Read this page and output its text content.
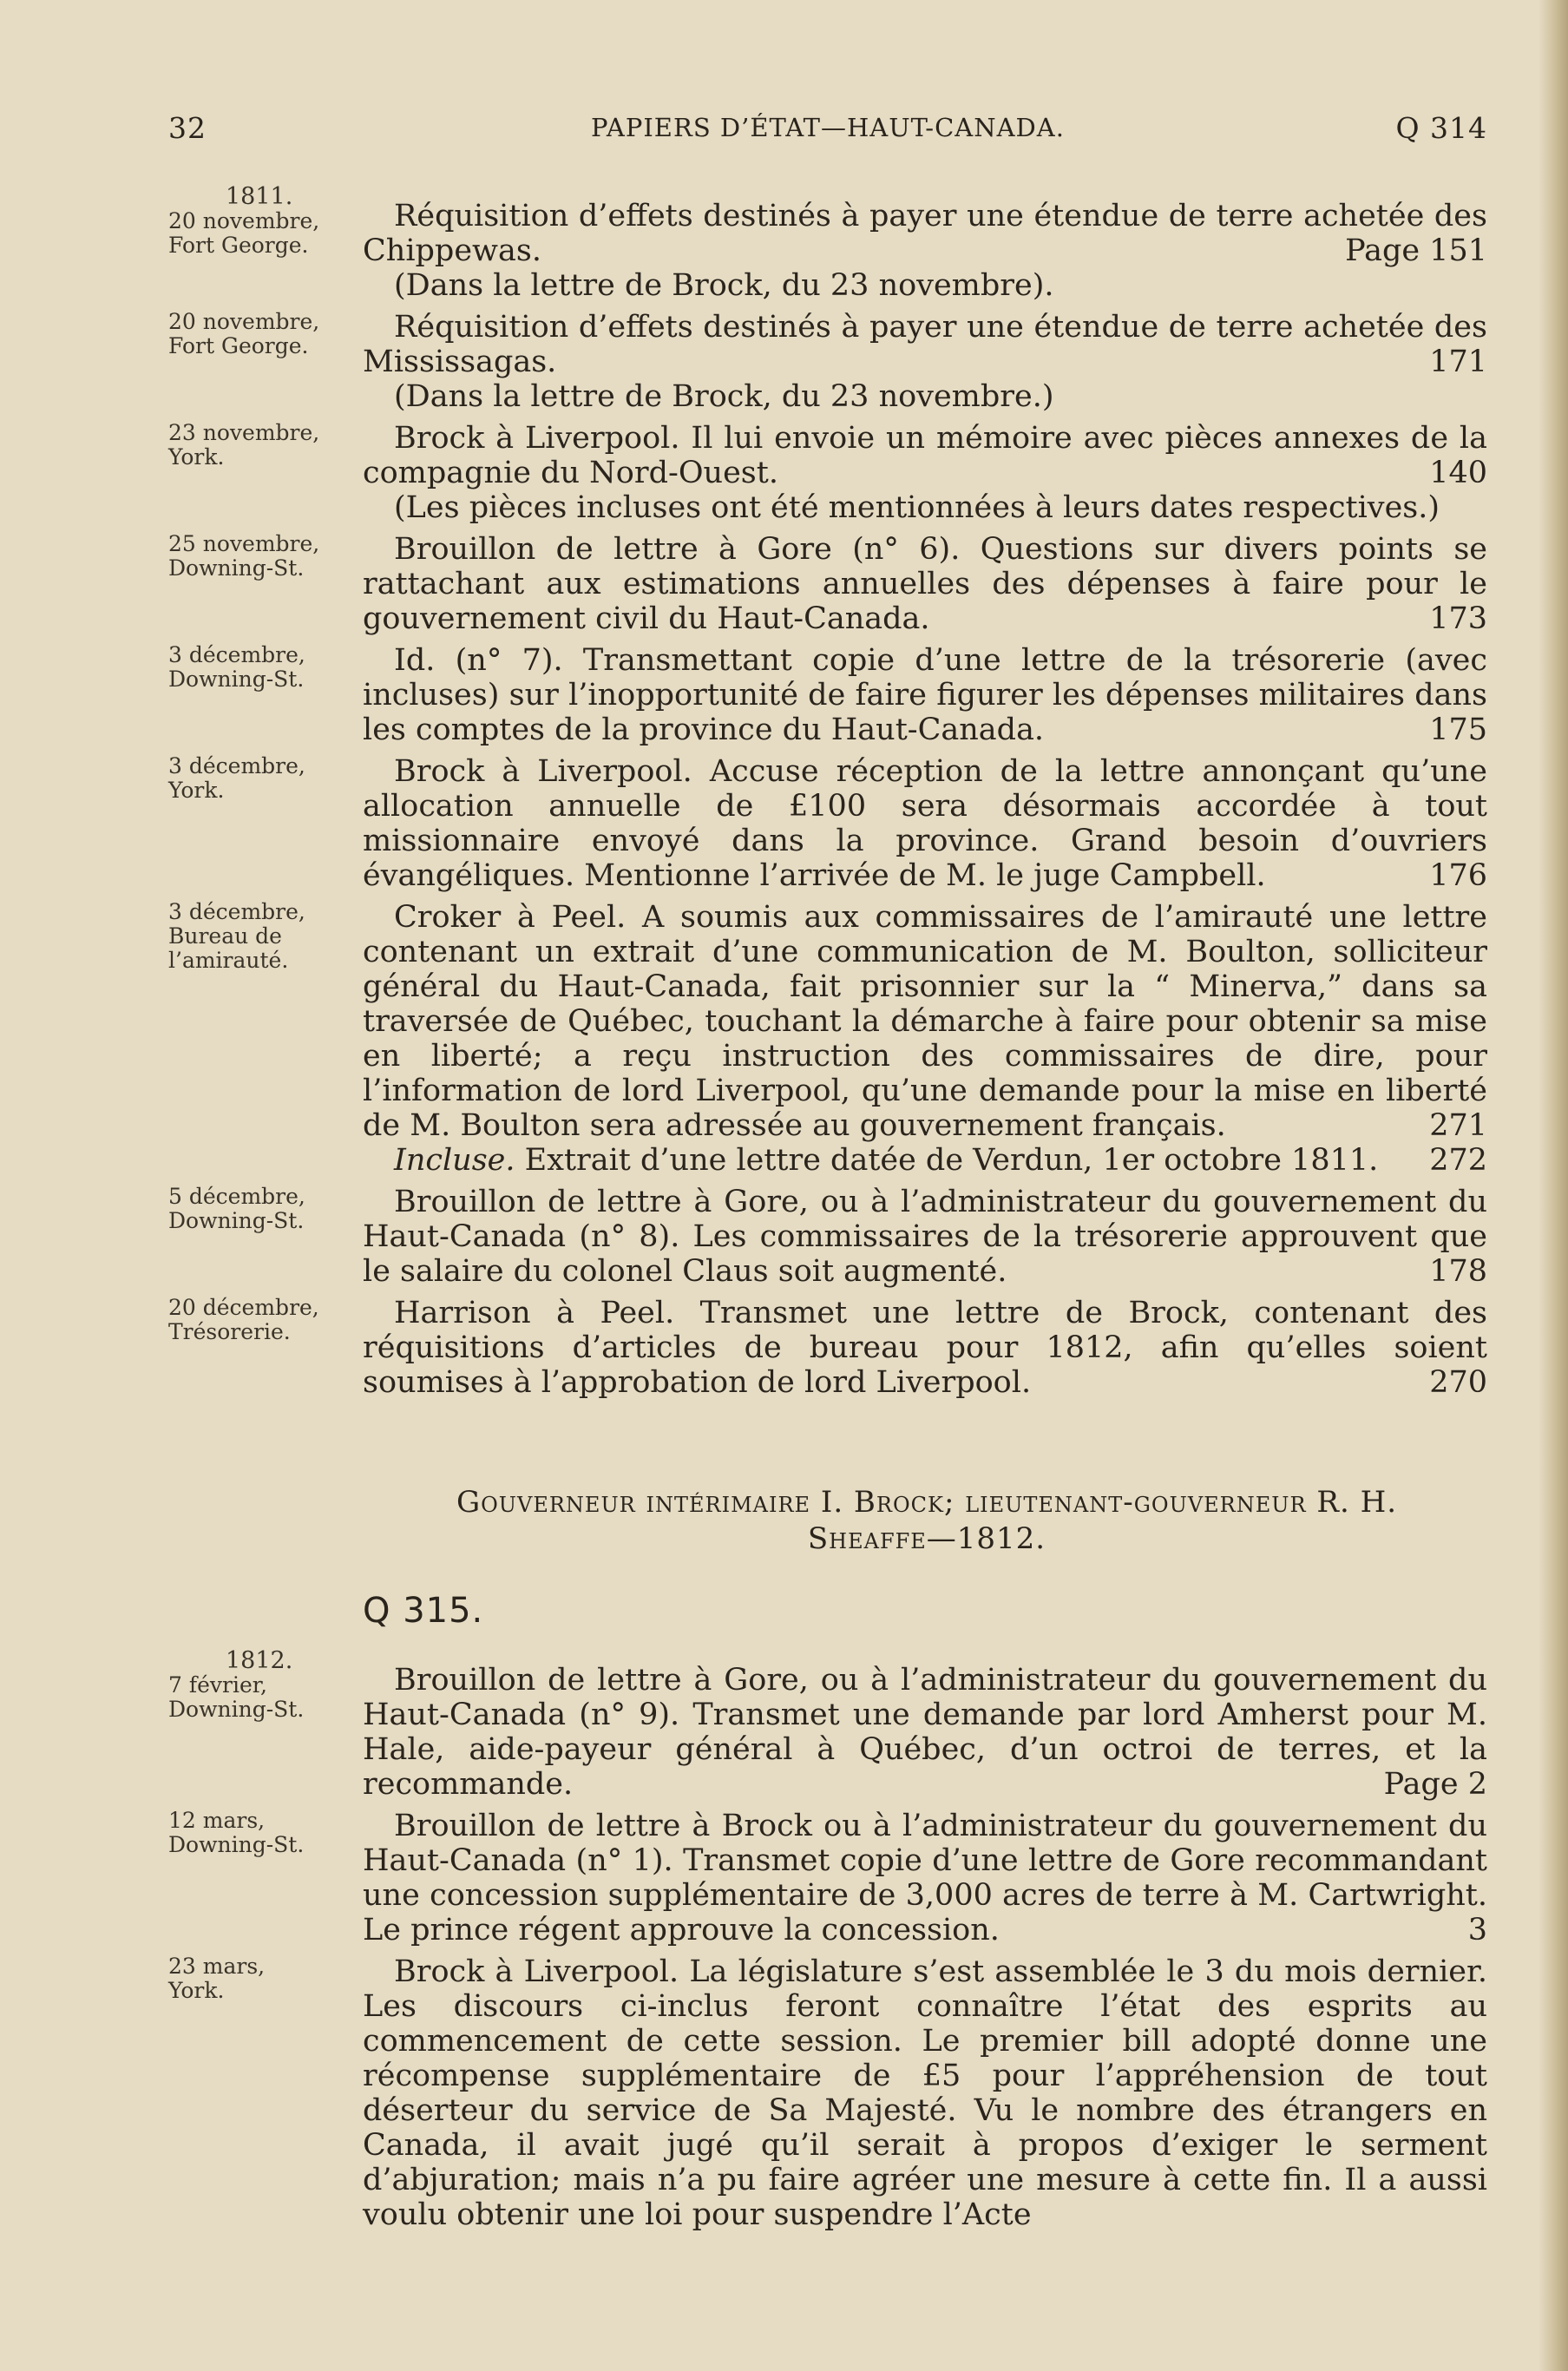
32	PAPIERS D’ÉTAT—HAUT-CANADA.	Q 314
1811.
20 novembre,
Fort George.
Réquisition d’effets destinés à payer une étendue de terre achetée des Chippewas.	Page 151
(Dans la lettre de Brock, du 23 novembre).
20 novembre,
Fort George.
Réquisition d’effets destinés à payer une étendue de terre achetée des Mississagas.	171
(Dans la lettre de Brock, du 23 novembre.)
23 novembre,
York.
Brock à Liverpool. Il lui envoie un mémoire avec pièces annexes de la compagnie du Nord-Ouest.	140
(Les pièces incluses ont été mentionnées à leurs dates respectives.)
25 novembre,
Downing-St.
Brouillon de lettre à Gore (n° 6). Questions sur divers points se rattachant aux estimations annuelles des dépenses à faire pour le gouvernement civil du Haut-Canada.	173
3 décembre,
Downing-St.
Id. (n° 7). Transmettant copie d’une lettre de la trésorerie (avec incluses) sur l’inopportunité de faire figurer les dépenses militaires dans les comptes de la province du Haut-Canada.	175
3 décembre,
York.
Brock à Liverpool. Accuse réception de la lettre annonçant qu’une allocation annuelle de £100 sera désormais accordée à tout missionnaire envoyé dans la province. Grand besoin d’ouvriers évangéliques. Mentionne l’arrivée de M. le juge Campbell.	176
3 décembre,
Bureau de
l’amirauté.
Croker à Peel. A soumis aux commissaires de l’amirauté une lettre contenant un extrait d’une communication de M. Boulton, solliciteur général du Haut-Canada, fait prisonnier sur la “ Minerva,” dans sa traversée de Québec, touchant la démarche à faire pour obtenir sa mise en liberté; a reçu instruction des commissaires de dire, pour l’information de lord Liverpool, qu’une demande pour la mise en liberté de M. Boulton sera adressée au gouvernement français.	271
Incluse. Extrait d’une lettre datée de Verdun, 1er octobre 1811.	272
5 décembre,
Downing-St.
Brouillon de lettre à Gore, ou à l’administrateur du gouvernement du Haut-Canada (n° 8). Les commissaires de la trésorerie approuvent que le salaire du colonel Claus soit augmenté.	178
20 décembre,
Trésorerie.
Harrison à Peel. Transmet une lettre de Brock, contenant des réquisitions d’articles de bureau pour 1812, afin qu’elles soient soumises à l’approbation de lord Liverpool.	270
Gouverneur intérimaire I. Brock; lieutenant-gouverneur R. H.
Sheaffe—1812.
Q 315.
1812.
7 février,
Downing-St.
Brouillon de lettre à Gore, ou à l’administrateur du gouvernement du Haut-Canada (n° 9). Transmet une demande par lord Amherst pour M. Hale, aide-payeur général à Québec, d’un octroi de terres, et la recommande.	Page 2
12 mars,
Downing-St.
Brouillon de lettre à Brock ou à l’administrateur du gouvernement du Haut-Canada (n° 1). Transmet copie d’une lettre de Gore recommandant une concession supplémentaire de 3,000 acres de terre à M. Cartwright. Le prince régent approuve la concession.	3
23 mars,
York.
Brock à Liverpool. La législature s’est assemblée le 3 du mois dernier. Les discours ci-inclus feront connaître l’état des esprits au commencement de cette session. Le premier bill adopté donne une récompense supplémentaire de £5 pour l’appréhension de tout déserteur du service de Sa Majesté. Vu le nombre des étrangers en Canada, il avait jugé qu’il serait à propos d’exiger le serment d’abjuration; mais n’a pu faire agréer une mesure à cette fin. Il a aussi voulu obtenir une loi pour suspendre l’Acte
